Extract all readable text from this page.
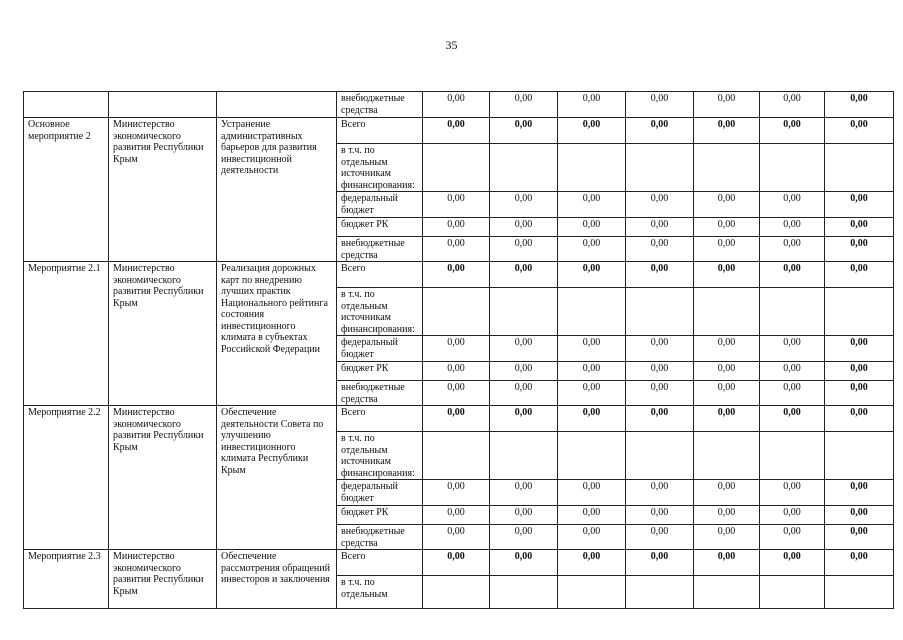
35
			внебюджетные средства	0,00	0,00	0,00	0,00	0,00	0,00	0,00
Основное мероприятие 2	Министерство экономического развития Республики Крым	Устранение административных барьеров для развития инвестиционной деятельности	Всего	0,00	0,00	0,00	0,00	0,00	0,00	0,00
			в т.ч. по отдельным источникам финансирования:							
			федеральный бюджет	0,00	0,00	0,00	0,00	0,00	0,00	0,00
			бюджет РК	0,00	0,00	0,00	0,00	0,00	0,00	0,00
			внебюджетные средства	0,00	0,00	0,00	0,00	0,00	0,00	0,00
Мероприятие 2.1	Министерство экономического развития Республики Крым	Реализация дорожных карт по внедрению лучших практик Национального рейтинга состояния инвестиционного климата в субъектах Российской Федерации	Всего	0,00	0,00	0,00	0,00	0,00	0,00	0,00
			в т.ч. по отдельным источникам финансирования:							
			федеральный бюджет	0,00	0,00	0,00	0,00	0,00	0,00	0,00
			бюджет РК	0,00	0,00	0,00	0,00	0,00	0,00	0,00
			внебюджетные средства	0,00	0,00	0,00	0,00	0,00	0,00	0,00
Мероприятие 2.2	Министерство экономического развития Республики Крым	Обеспечение деятельности Совета по улучшению инвестиционного климата Республики Крым	Всего	0,00	0,00	0,00	0,00	0,00	0,00	0,00
			в т.ч. по отдельным источникам финансирования:							
			федеральный бюджет	0,00	0,00	0,00	0,00	0,00	0,00	0,00
			бюджет РК	0,00	0,00	0,00	0,00	0,00	0,00	0,00
			внебюджетные средства	0,00	0,00	0,00	0,00	0,00	0,00	0,00
Мероприятие 2.3	Министерство экономического развития Республики Крым	Обеспечение рассмотрения обращений инвесторов и заключения	Всего	0,00	0,00	0,00	0,00	0,00	0,00	0,00
			в т.ч. по отдельным							
